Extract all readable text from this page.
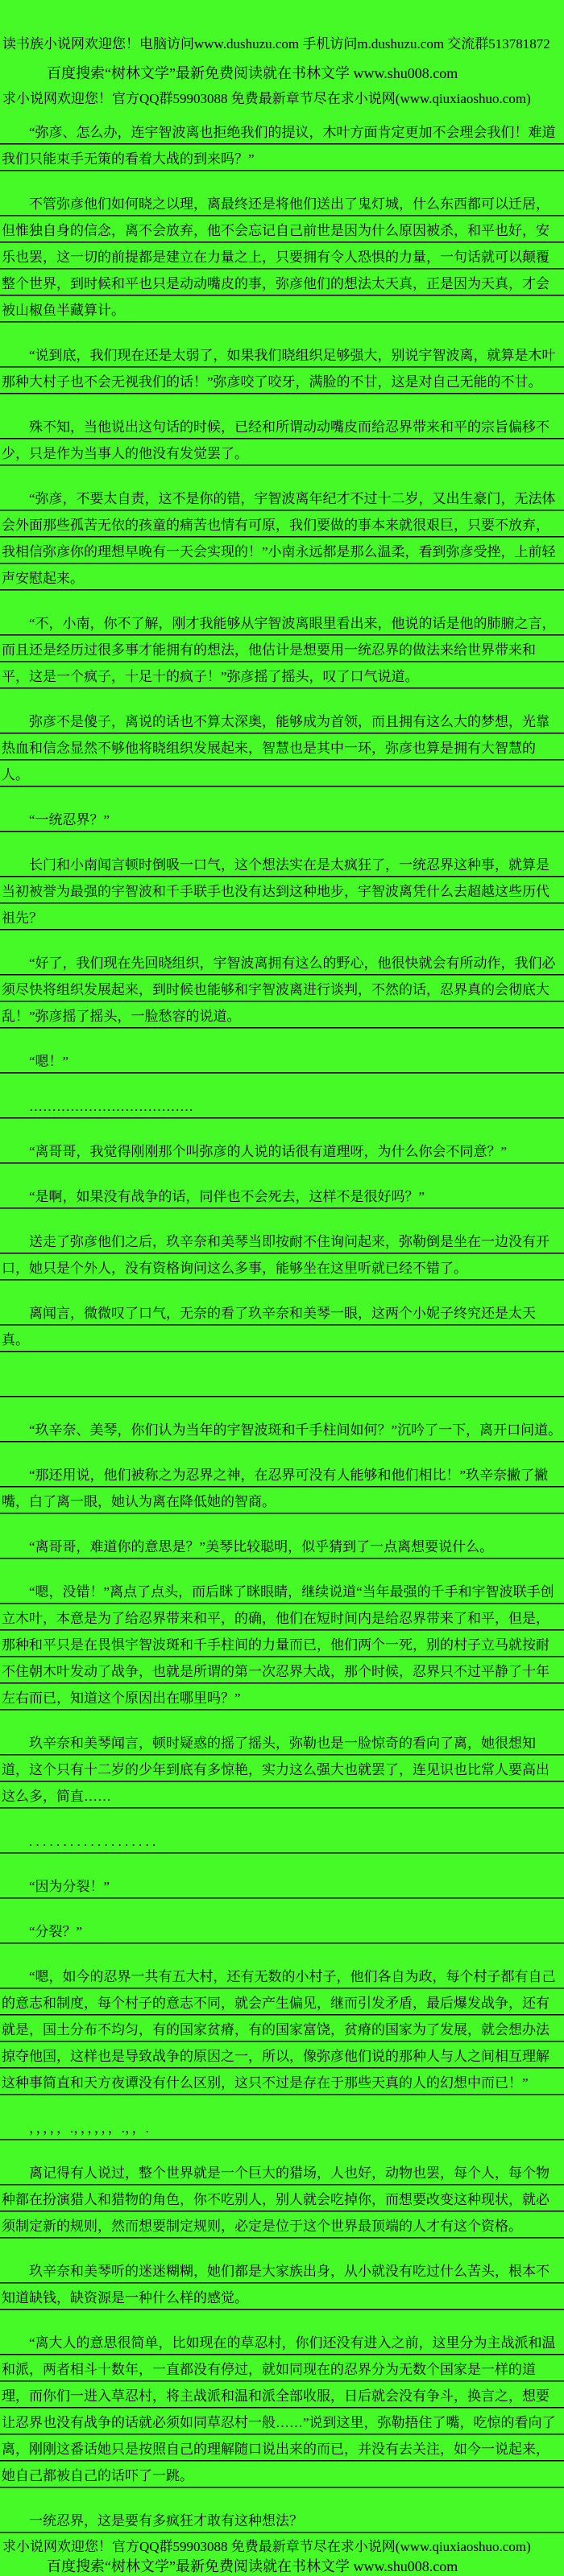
读书族小说网欢迎您！电脑访问www.dushuzu.com 手机访问m.dushuzu.com 交流群513781872
百度搜索“树林文学”最新免费阅读就在书林文学 www.shu008.com
求小说网欢迎您！官方QQ群59903088 免费最新章节尽在求小说网(www.qiuxiaoshuo.com)
“弥彦、怎么办，连宇智波离也拒绝我们的提议，木叶方面肯定更加不会理会我们！难道我们只能束手无策的看着大战的到来吗？”
不管弥彦他们如何晓之以理，离最终还是将他们送出了鬼灯城，什么东西都可以迁居，但惟独自身的信念，离不会放弃，他不会忘记自己前世是因为什么原因被杀，和平也好，安乐也罢，这一切的前提都是建立在力量之上，只要拥有令人恐惧的力量，一句话就可以颠覆整个世界，到时候和平也只是动动嘴皮的事，弥彦他们的想法太天真，正是因为天真，才会被山椒鱼半藏算计。
“说到底，我们现在还是太弱了，如果我们晓组织足够强大，别说宇智波离，就算是木叶那种大村子也不会无视我们的话！”弥彦咬了咬牙，满脸的不甘，这是对自己无能的不甘。
殊不知，当他说出这句话的时候，已经和所谓动动嘴皮而给忍界带来和平的宗旨偏移不少，只是作为当事人的他没有发觉罢了。
“弥彦，不要太自责，这不是你的错，宇智波离年纪才不过十二岁，又出生豪门，无法体会外面那些孤苦无依的孩童的痛苦也情有可原，我们要做的事本来就很艰巨，只要不放弃，我相信弥彦你的理想早晚有一天会实现的！”小南永远都是那么温柔，看到弥彦受挫，上前轻声安慰起来。
“不，小南，你不了解，刚才我能够从宇智波离眼里看出来，他说的话是他的肺腑之言，而且还是经历过很多事才能拥有的想法，他估计是想要用一统忍界的做法来给世界带来和平，这是一个疯子，十足十的疯子！”弥彦摇了摇头，叹了口气说道。
弥彦不是傻子，离说的话也不算太深奥，能够成为首领，而且拥有这么大的梦想，光靠热血和信念显然不够他将晓组织发展起来，智慧也是其中一环，弥彦也算是拥有大智慧的人。
“一统忍界？”
长门和小南闻言顿时倒吸一口气，这个想法实在是太疯狂了，一统忍界这种事，就算是当初被誉为最强的宇智波和千手联手也没有达到这种地步，宇智波离凭什么去超越这些历代祖先？
“好了，我们现在先回晓组织，宇智波离拥有这么的野心，他很快就会有所动作，我们必须尽快将组织发展起来，到时候也能够和宇智波离进行谈判，不然的话，忍界真的会彻底大乱！”弥彦摇了摇头，一脸愁容的说道。
“嗯！”
………………………………
“离哥哥，我觉得刚刚那个叫弥彦的人说的话很有道理呀，为什么你会不同意？”
“是啊，如果没有战争的话，同伴也不会死去，这样不是很好吗？”
送走了弥彦他们之后，玖辛奈和美琴当即按耐不住询问起来，弥勒倒是坐在一边没有开口，她只是个外人，没有资格询问这么多事，能够坐在这里听就已经不错了。
离闻言，微微叹了口气，无奈的看了玖辛奈和美琴一眼，这两个小妮子终究还是太天真。
“玖辛奈、美琴，你们认为当年的宇智波斑和千手柱间如何？”沉吟了一下，离开口问道。
“那还用说，他们被称之为忍界之神，在忍界可没有人能够和他们相比！”玖辛奈撇了撇嘴，白了离一眼，她认为离在降低她的智商。
“离哥哥，难道你的意思是？”美琴比较聪明，似乎猜到了一点离想要说什么。
“嗯，没错！”离点了点头，而后眯了眯眼睛，继续说道“当年最强的千手和宇智波联手创立木叶，本意是为了给忍界带来和平，的确，他们在短时间内是给忍界带来了和平，但是，那种和平只是在畏惧宇智波斑和千手柱间的力量而已，他们两个一死，别的村子立马就按耐不住朝木叶发动了战争，也就是所谓的第一次忍界大战，那个时候，忍界只不过平静了十年左右而已，知道这个原因出在哪里吗？”
玖辛奈和美琴闻言，顿时疑惑的摇了摇头，弥勒也是一脸惊奇的看向了离，她很想知道，这个只有十二岁的少年到底有多惊艳，实力这么强大也就罢了，连见识也比常人要高出这么多，简直……
. . . . . . . . . . . . . . . . . . .
“因为分裂！”
“分裂？”
“嗯，如今的忍界一共有五大村，还有无数的小村子，他们各自为政，每个村子都有自己的意志和制度，每个村子的意志不同，就会产生偏见，继而引发矛盾，最后爆发战争，还有就是，国土分布不均匀，有的国家贫瘠，有的国家富饶，贫瘠的国家为了发展，就会想办法掠夺他国，这样也是导致战争的原因之一，所以，像弥彦他们说的那种人与人之间相互理解这种事简直和天方夜谭没有什么区别，这只不过是存在于那些天真的人的幻想中而已！”
，，，，，.，，，，，，.，，.
离记得有人说过，整个世界就是一个巨大的猎场，人也好，动物也罢，每个人，每个物种都在扮演猎人和猎物的角色，你不吃别人，别人就会吃掉你，而想要改变这种现状，就必须制定新的规则，然而想要制定规则，必定是位于这个世界最顶端的人才有这个资格。
玖辛奈和美琴听的迷迷糊糊，她们都是大家族出身，从小就没有吃过什么苦头，根本不知道缺钱，缺资源是一种什么样的感觉。
“离大人的意思很简单，比如现在的草忍村，你们还没有进入之前，这里分为主战派和温和派，两者相斗十数年，一直都没有停过，就如同现在的忍界分为无数个国家是一样的道理，而你们一进入草忍村，将主战派和温和派全部收服，日后就会没有争斗，换言之，想要让忍界也没有战争的话就必须如同草忍村一般……”说到这里，弥勒捂住了嘴，吃惊的看向了离，刚刚这番话她只是按照自己的理解随口说出来的而已，并没有去关注，如今一说起来，她自己都被自己的话吓了一跳。
一统忍界，这是要有多疯狂才敢有这种想法？
求小说网欢迎您！官方QQ群59903088 免费最新章节尽在求小说网(www.qiuxiaoshuo.com)
百度搜索“树林文学”最新免费阅读就在书林文学 www.shu008.com
